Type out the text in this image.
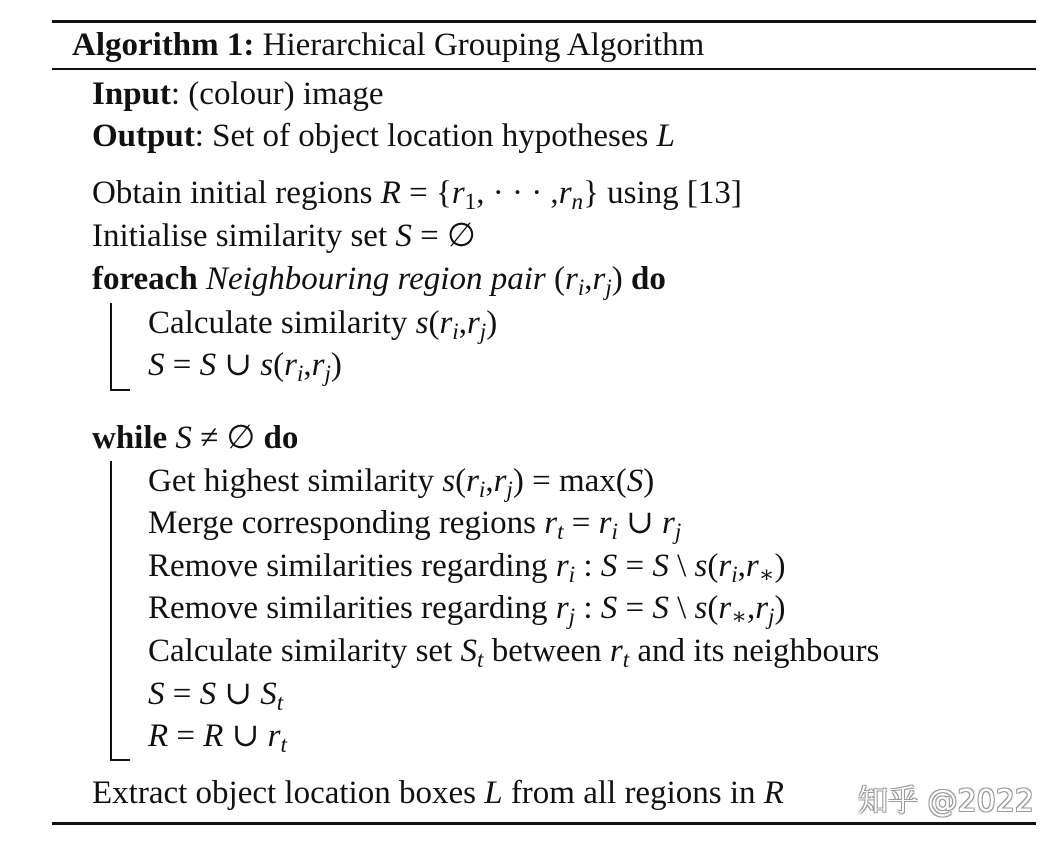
Algorithm 1: Hierarchical Grouping Algorithm
Input: (colour) image
Output: Set of object location hypotheses L
Obtain initial regions $R = \{r_1$, · · · $,r_n$} using [13]
Initialise similarity set S = ∅
foreach Neighbouring region pair $(r_i,r_j)$ do
Calculate similarity $s(r_i,r_j)$
S = S ∪ $s(r_i,r_j)$
while S ≠ ∅ do
Get highest similarity $s(r_i,r_j) = \max(S)$
Merge corresponding regions $r_t = r_i$ ∪ $r_j$
Remove similarities regarding $r_i$ : S = S \ $s(r_i,r_∗)$
Remove similarities regarding $r_j$ : S = S \ $s(r_∗,r_j)$
Calculate similarity set $S_t$ between $r_t$ and its neighbours
S = S ∪ $S_t$
R = R ∪ $r_t$
Extract object location boxes L from all regions in R 知乎 @2022
